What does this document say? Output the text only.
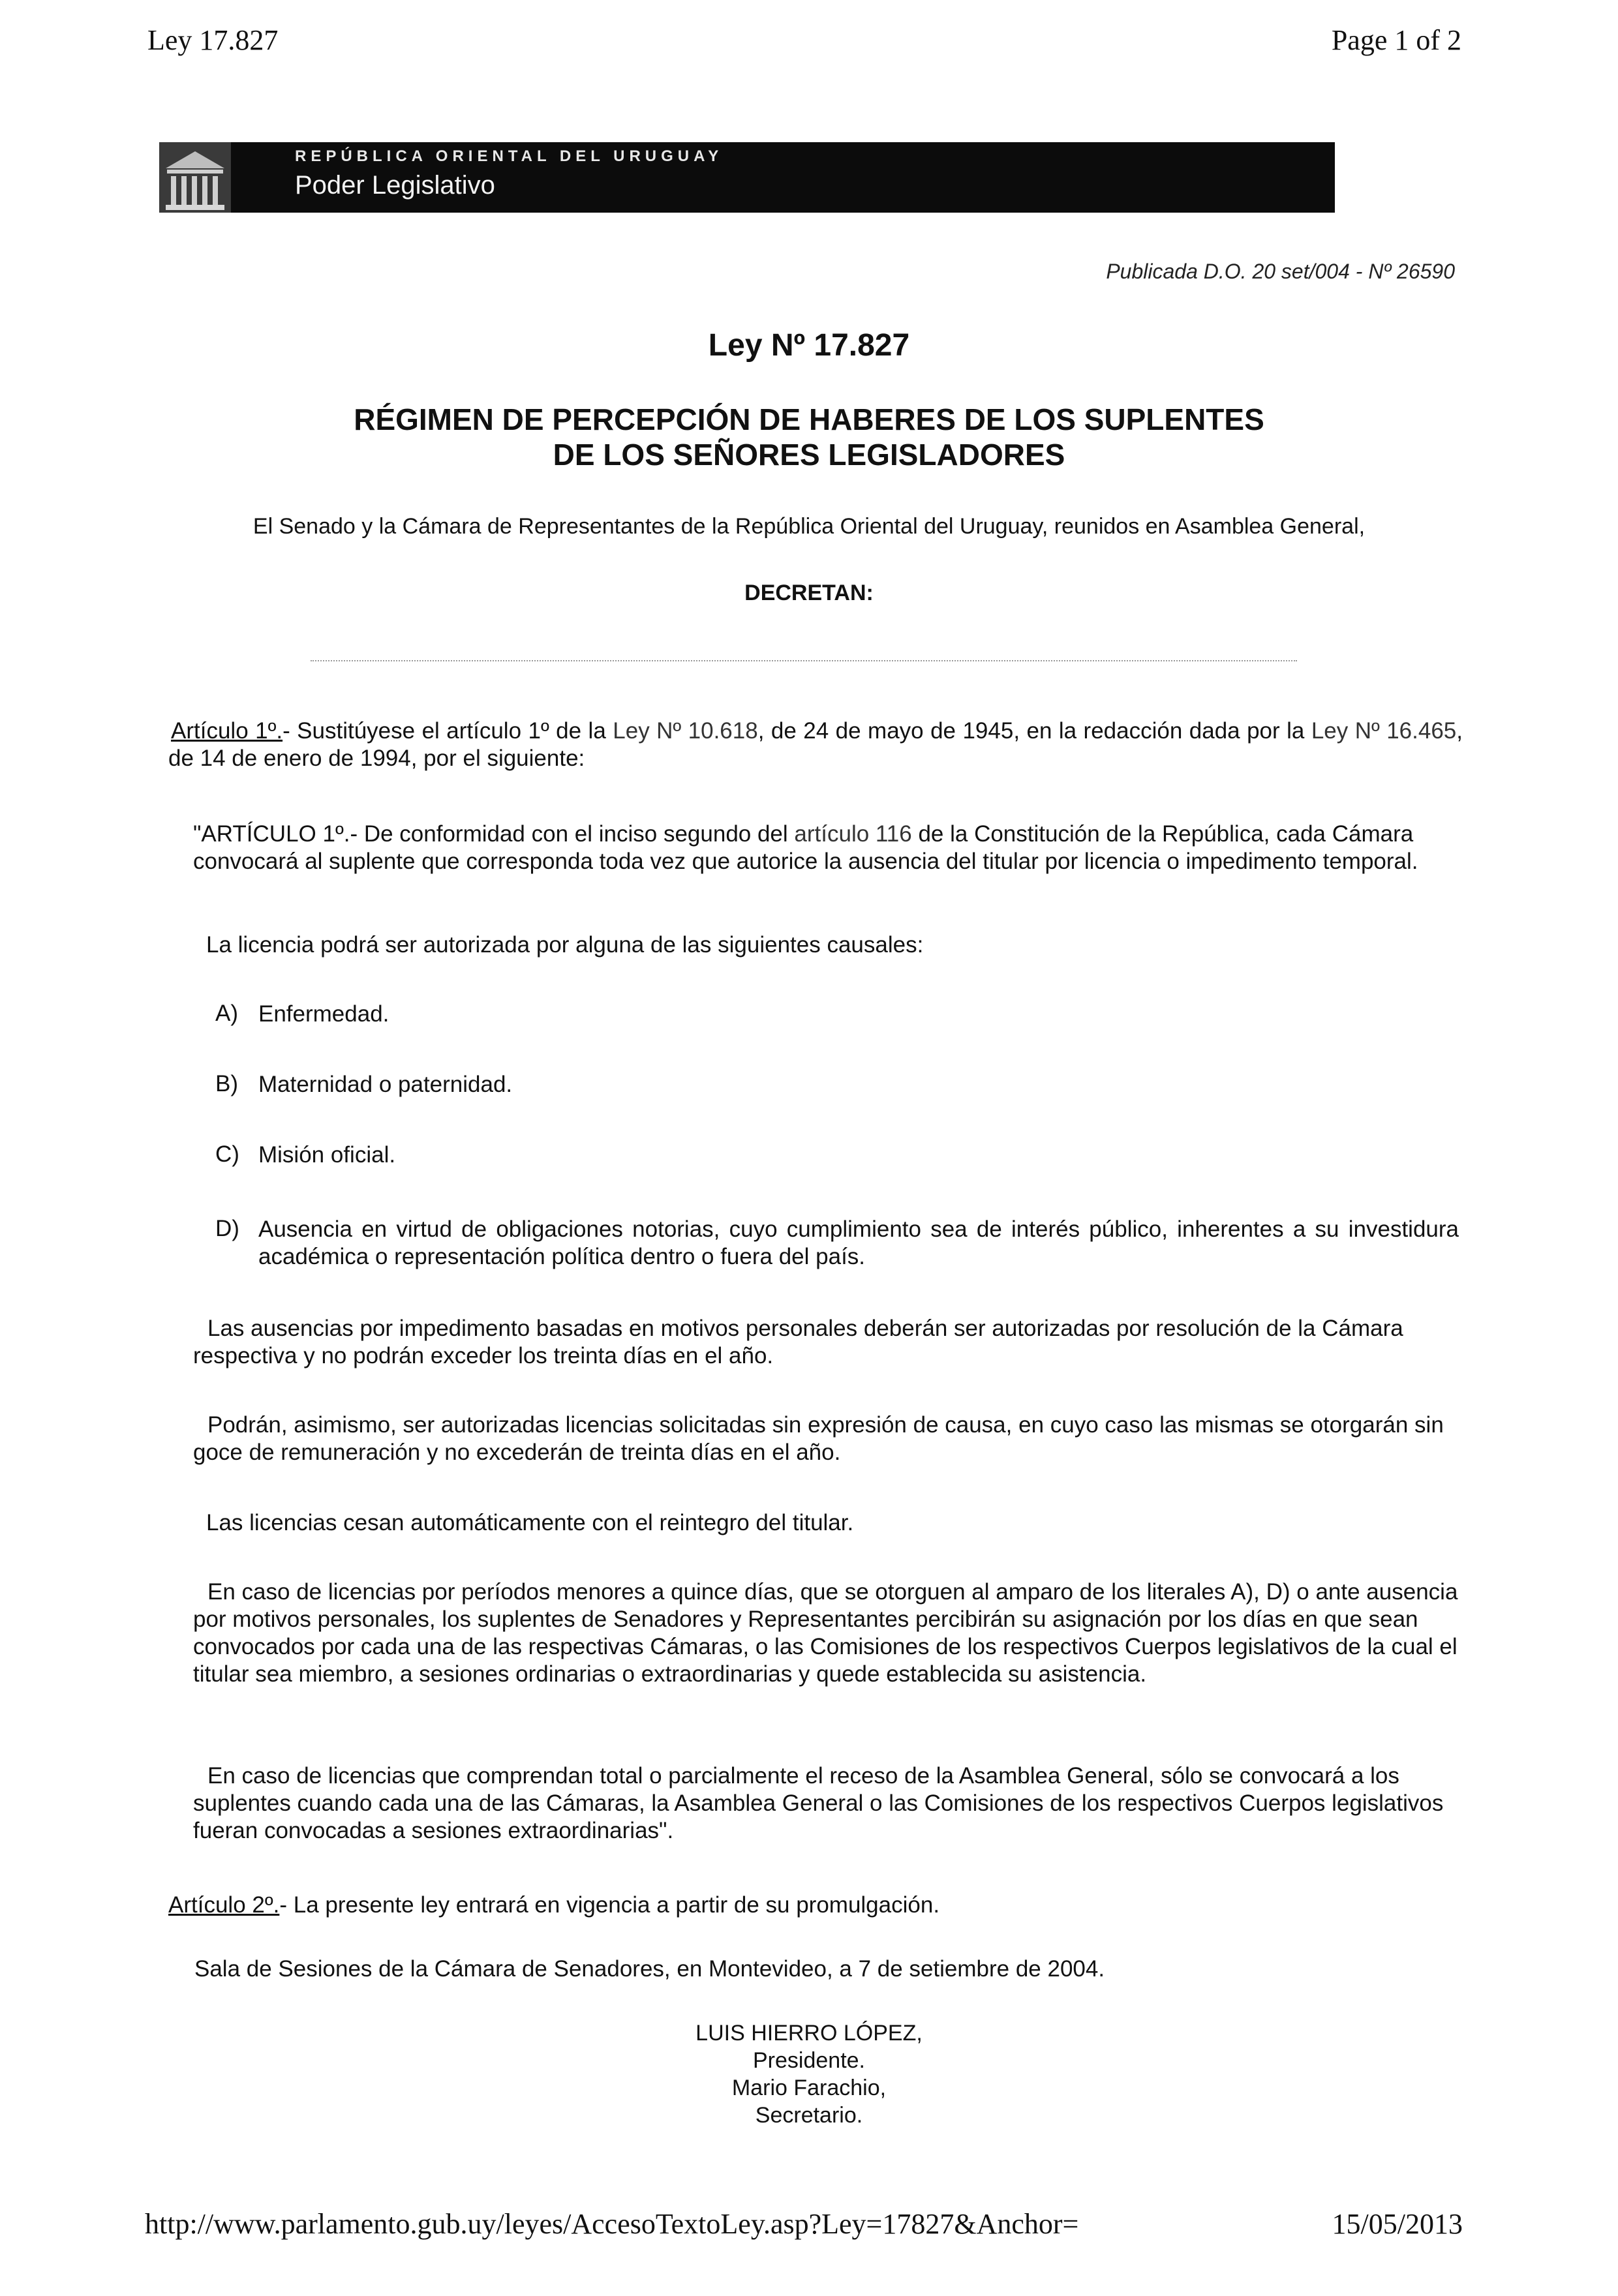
Ley 17.827	Page 1 of 2
REPÚBLICA ORIENTAL DEL URUGUAY
Poder Legislativo
Publicada D.O. 20 set/004 - Nº 26590
Ley Nº 17.827
RÉGIMEN DE PERCEPCIÓN DE HABERES DE LOS SUPLENTES
DE LOS SEÑORES LEGISLADORES
El Senado y la Cámara de Representantes de la República Oriental del Uruguay, reunidos en Asamblea General,
DECRETAN:
Artículo 1º.- Sustitúyese el artículo 1º de la Ley Nº 10.618, de 24 de mayo de 1945, en la redacción dada por la Ley Nº 16.465, de 14 de enero de 1994, por el siguiente:
"ARTÍCULO 1º.- De conformidad con el inciso segundo del artículo 116 de la Constitución de la República, cada Cámara convocará al suplente que corresponda toda vez que autorice la ausencia del titular por licencia o impedimento temporal.
La licencia podrá ser autorizada por alguna de las siguientes causales:
A) Enfermedad.
B) Maternidad o paternidad.
C) Misión oficial.
D) Ausencia en virtud de obligaciones notorias, cuyo cumplimiento sea de interés público, inherentes a su investidura académica o representación política dentro o fuera del país.
Las ausencias por impedimento basadas en motivos personales deberán ser autorizadas por resolución de la Cámara respectiva y no podrán exceder los treinta días en el año.
Podrán, asimismo, ser autorizadas licencias solicitadas sin expresión de causa, en cuyo caso las mismas se otorgarán sin goce de remuneración y no excederán de treinta días en el año.
Las licencias cesan automáticamente con el reintegro del titular.
En caso de licencias por períodos menores a quince días, que se otorguen al amparo de los literales A), D) o ante ausencia por motivos personales, los suplentes de Senadores y Representantes percibirán su asignación por los días en que sean convocados por cada una de las respectivas Cámaras, o las Comisiones de los respectivos Cuerpos legislativos de la cual el titular sea miembro, a sesiones ordinarias o extraordinarias y quede establecida su asistencia.
En caso de licencias que comprendan total o parcialmente el receso de la Asamblea General, sólo se convocará a los suplentes cuando cada una de las Cámaras, la Asamblea General o las Comisiones de los respectivos Cuerpos legislativos fueran convocadas a sesiones extraordinarias".
Artículo 2º.- La presente ley entrará en vigencia a partir de su promulgación.
Sala de Sesiones de la Cámara de Senadores, en Montevideo, a 7 de setiembre de 2004.
LUIS HIERRO LÓPEZ,
Presidente.
Mario Farachio,
Secretario.
http://www.parlamento.gub.uy/leyes/AccesoTextoLey.asp?Ley=17827&Anchor=	15/05/2013
